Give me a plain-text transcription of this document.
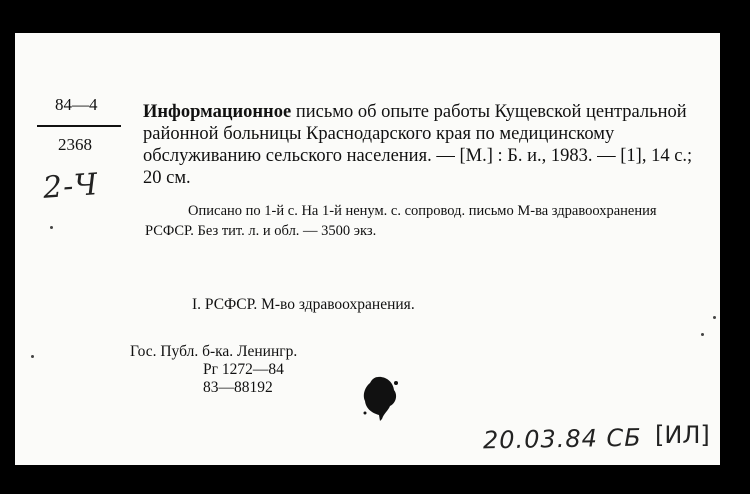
84—4
2368
2-Ч
Информационное письмо об опыте работы Кущевской центральной районной больницы Краснодарского края по медицинскому обслуживанию сельского населения. — [М.] : Б. и., 1983. — [1], 14 с.; 20 см.
Описано по 1-й с. На 1-й ненум. с. сопровод. письмо М-ва здравоохранения РСФСР. Без тит. л. и обл. — 3500 экз.
I. РСФСР. М-во здравоохранения.
Гос. Публ. б-ка. Ленингр.
Рг 1272—84
83—88192
20.03.84 СБ [ИЛ]
